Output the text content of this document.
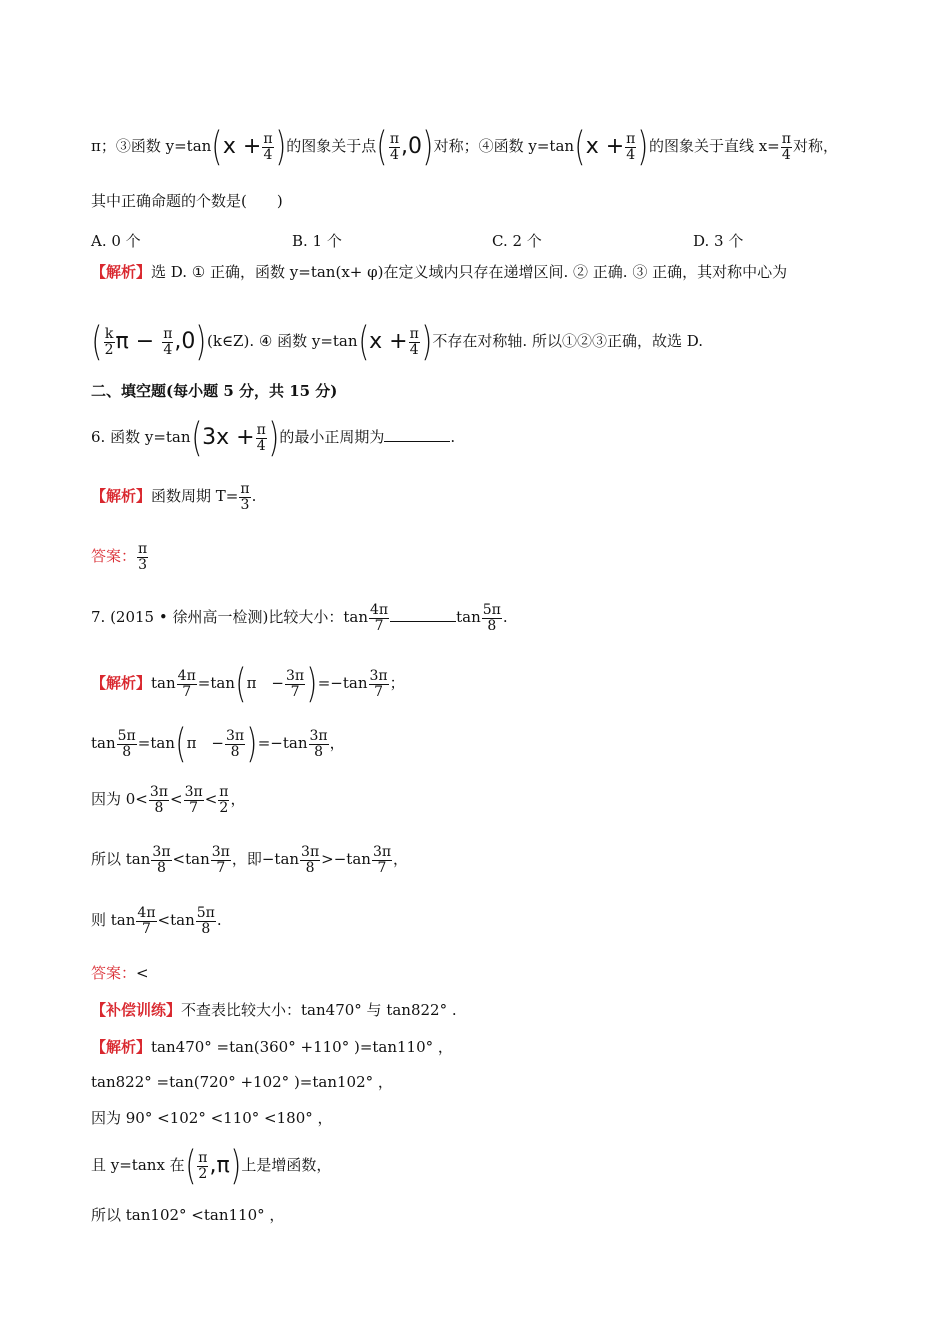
π；③函数 $y=\tan(x + \frac{\pi}{4}$ )的图象关于点( $\frac{\pi}{4} ,0$)对称；④函数 $y=\tan(x + \frac{\pi}{4}$ )的图象关于直线 $x= \frac{\pi}{4}$ 对称，
其中正确命题的个数是(　　)
A. 0 个	B. 1 个	C. 2 个	D. 3 个
【解析】选 D. ① 正确，函数 y=tan(x+ φ)在定义域内只存在递增区间. ② 正确. ③ 正确，其对称中心为
( $\frac{k}{2}$ $\pi - \frac{\pi}{4}$ ,0)(k∈Z). ④ 函数 $y=\tan(x + \frac{\pi}{4}$ )不存在对称轴. 所以①②③正确，故选 D.
二、填空题(每小题 5 分，共 15 分)
6. 函数 $y=\tan(3x + \frac{\pi}{4}$ )的最小正周期为	.
【解析】函数周期 $T= \frac{\pi}{3}$ .
答案： $\frac{\pi}{3}$
7. (2015 • 徐州高一检测)比较大小：$\tan \frac{4\pi}{7}$	$\tan \frac{5\pi}{8}$ .
【解析】$\tan \frac{4\pi}{7} =\tan(\pi$　− $\frac{3\pi}{7} )=-\tan \frac{3\pi}{7}$ ；
$\tan \frac{5\pi}{8} =\tan(\pi$　− $\frac{3\pi}{8} )=-\tan \frac{3\pi}{8}$ ，
因为 $0< \frac{3\pi}{8} < \frac{3\pi}{7} < \frac{\pi}{2}$ ，
所以 $\tan \frac{3\pi}{8} <\tan \frac{3\pi}{7}$ ，即$-\tan \frac{3\pi}{8} >-\tan \frac{3\pi}{7}$ ，
则 $\tan \frac{4\pi}{7} <\tan \frac{5\pi}{8}$ .
答案：<
【补偿训练】不查表比较大小：tan470° 与 tan822° .
【解析】tan470° =tan(360° +110° )=tan110° ，
tan822° =tan(720° +102° )=tan102° ，
因为 90° <102° <110° <180° ，
且 y=tanx 在( $\frac{\pi}{2} ,\pi$)上是增函数，
所以 tan102° <tan110° ，
